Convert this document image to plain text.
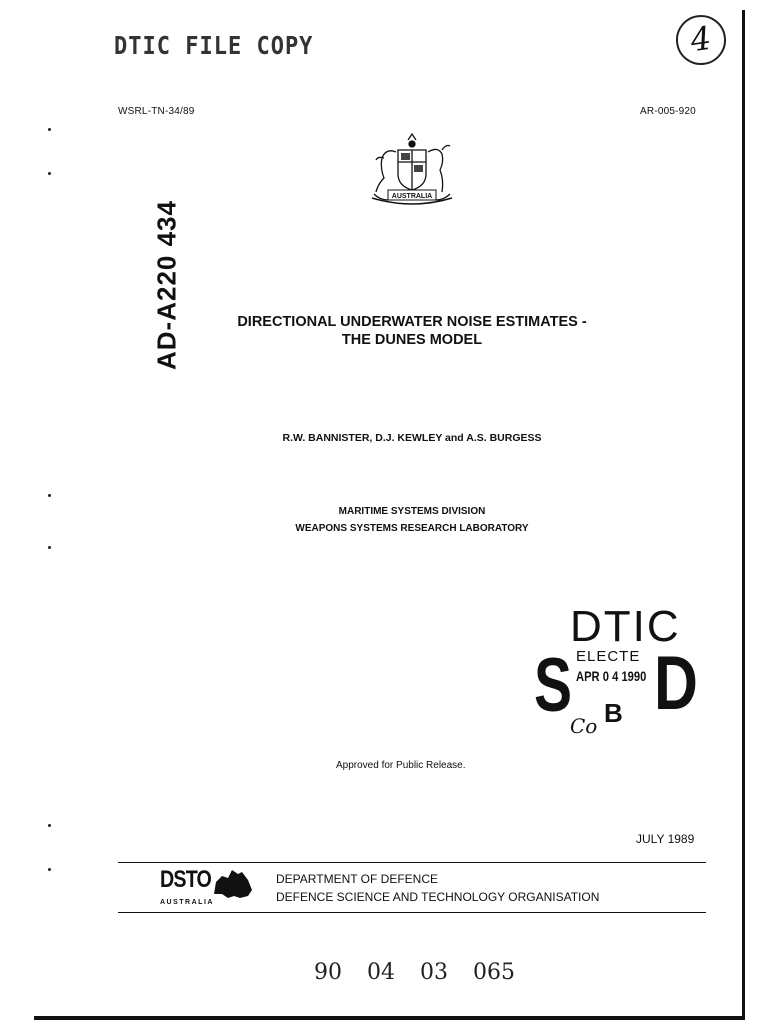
DTIC FILE COPY	4
WSRL-TN-34/89	AR-005-920
AUSTRALIA
AD-A220 434	DIRECTIONAL UNDERWATER NOISE ESTIMATES -
THE DUNES MODEL
R.W. BANNISTER, D.J. KEWLEY and A.S. BURGESS
MARITIME SYSTEMS DIVISION
WEAPONS SYSTEMS RESEARCH LABORATORY
DTIC
S ELECTE
APR 0 4 1990 D
B
Co
Approved for Public Release.
JULY 1989
DSTO
AUSTRALIA
DEPARTMENT OF DEFENCE
DEFENCE SCIENCE AND TECHNOLOGY ORGANISATION
90 04 03 065
